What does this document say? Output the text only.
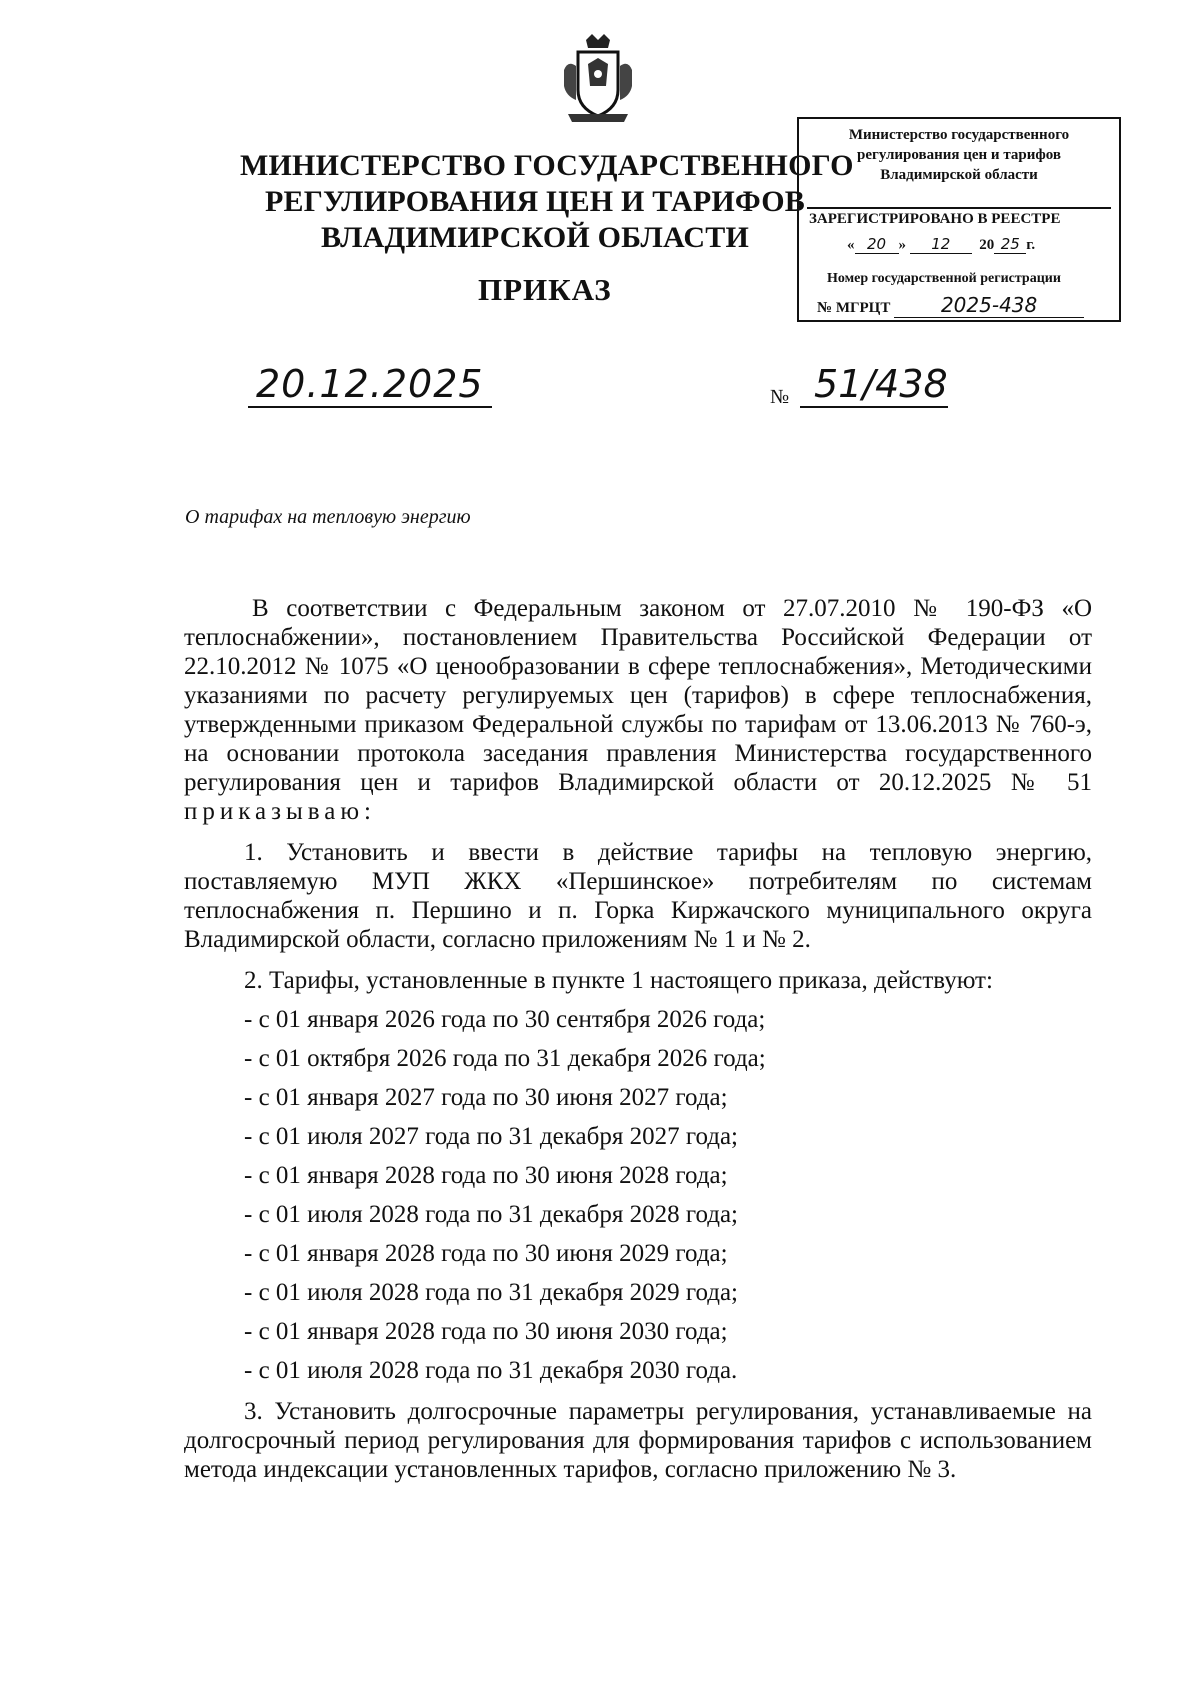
МИНИСТЕРСТВО ГОСУДАРСТВЕННОГО
РЕГУЛИРОВАНИЯ ЦЕН И ТАРИФОВ
ВЛАДИМИРСКОЙ ОБЛАСТИ
ПРИКАЗ
Министерство государственного
регулирования цен и тарифов
Владимирской области
ЗАРЕГИСТРИРОВАНО В РЕЕСТРЕ
« 20 » 12 20 25 г.
Номер государственной регистрации
№ МГРЦТ	2025-438
20.12.2025	№ 51/438
О тарифах на тепловую энергию

В соответствии с Федеральным законом от 27.07.2010 № 190-ФЗ «О теплоснабжении», постановлением Правительства Российской Федерации от 22.10.2012 № 1075 «О ценообразовании в сфере теплоснабжения», Методическими указаниями по расчету регулируемых цен (тарифов) в сфере теплоснабжения, утвержденными приказом Федеральной службы по тарифам от 13.06.2013 № 760-э, на основании протокола заседания правления Министерства государственного регулирования цен и тарифов Владимирской области от 20.12.2025 № 51 приказываю:

1. Установить и ввести в действие тарифы на тепловую энергию, поставляемую МУП ЖКХ «Першинское» потребителям по системам теплоснабжения п. Першино и п. Горка Киржачского муниципального округа Владимирской области, согласно приложениям № 1 и № 2.

2. Тарифы, установленные в пункте 1 настоящего приказа, действуют:

- с 01 января 2026 года по 30 сентября 2026 года;
- с 01 октября 2026 года по 31 декабря 2026 года;
- с 01 января 2027 года по 30 июня 2027 года;
- с 01 июля 2027 года по 31 декабря 2027 года;
- с 01 января 2028 года по 30 июня 2028 года;
- с 01 июля 2028 года по 31 декабря 2028 года;
- с 01 января 2028 года по 30 июня 2029 года;
- с 01 июля 2028 года по 31 декабря 2029 года;
- с 01 января 2028 года по 30 июня 2030 года;
- с 01 июля 2028 года по 31 декабря 2030 года.

3. Установить долгосрочные параметры регулирования, устанавливаемые на долгосрочный период регулирования для формирования тарифов с использованием метода индексации установленных тарифов, согласно приложению № 3.
